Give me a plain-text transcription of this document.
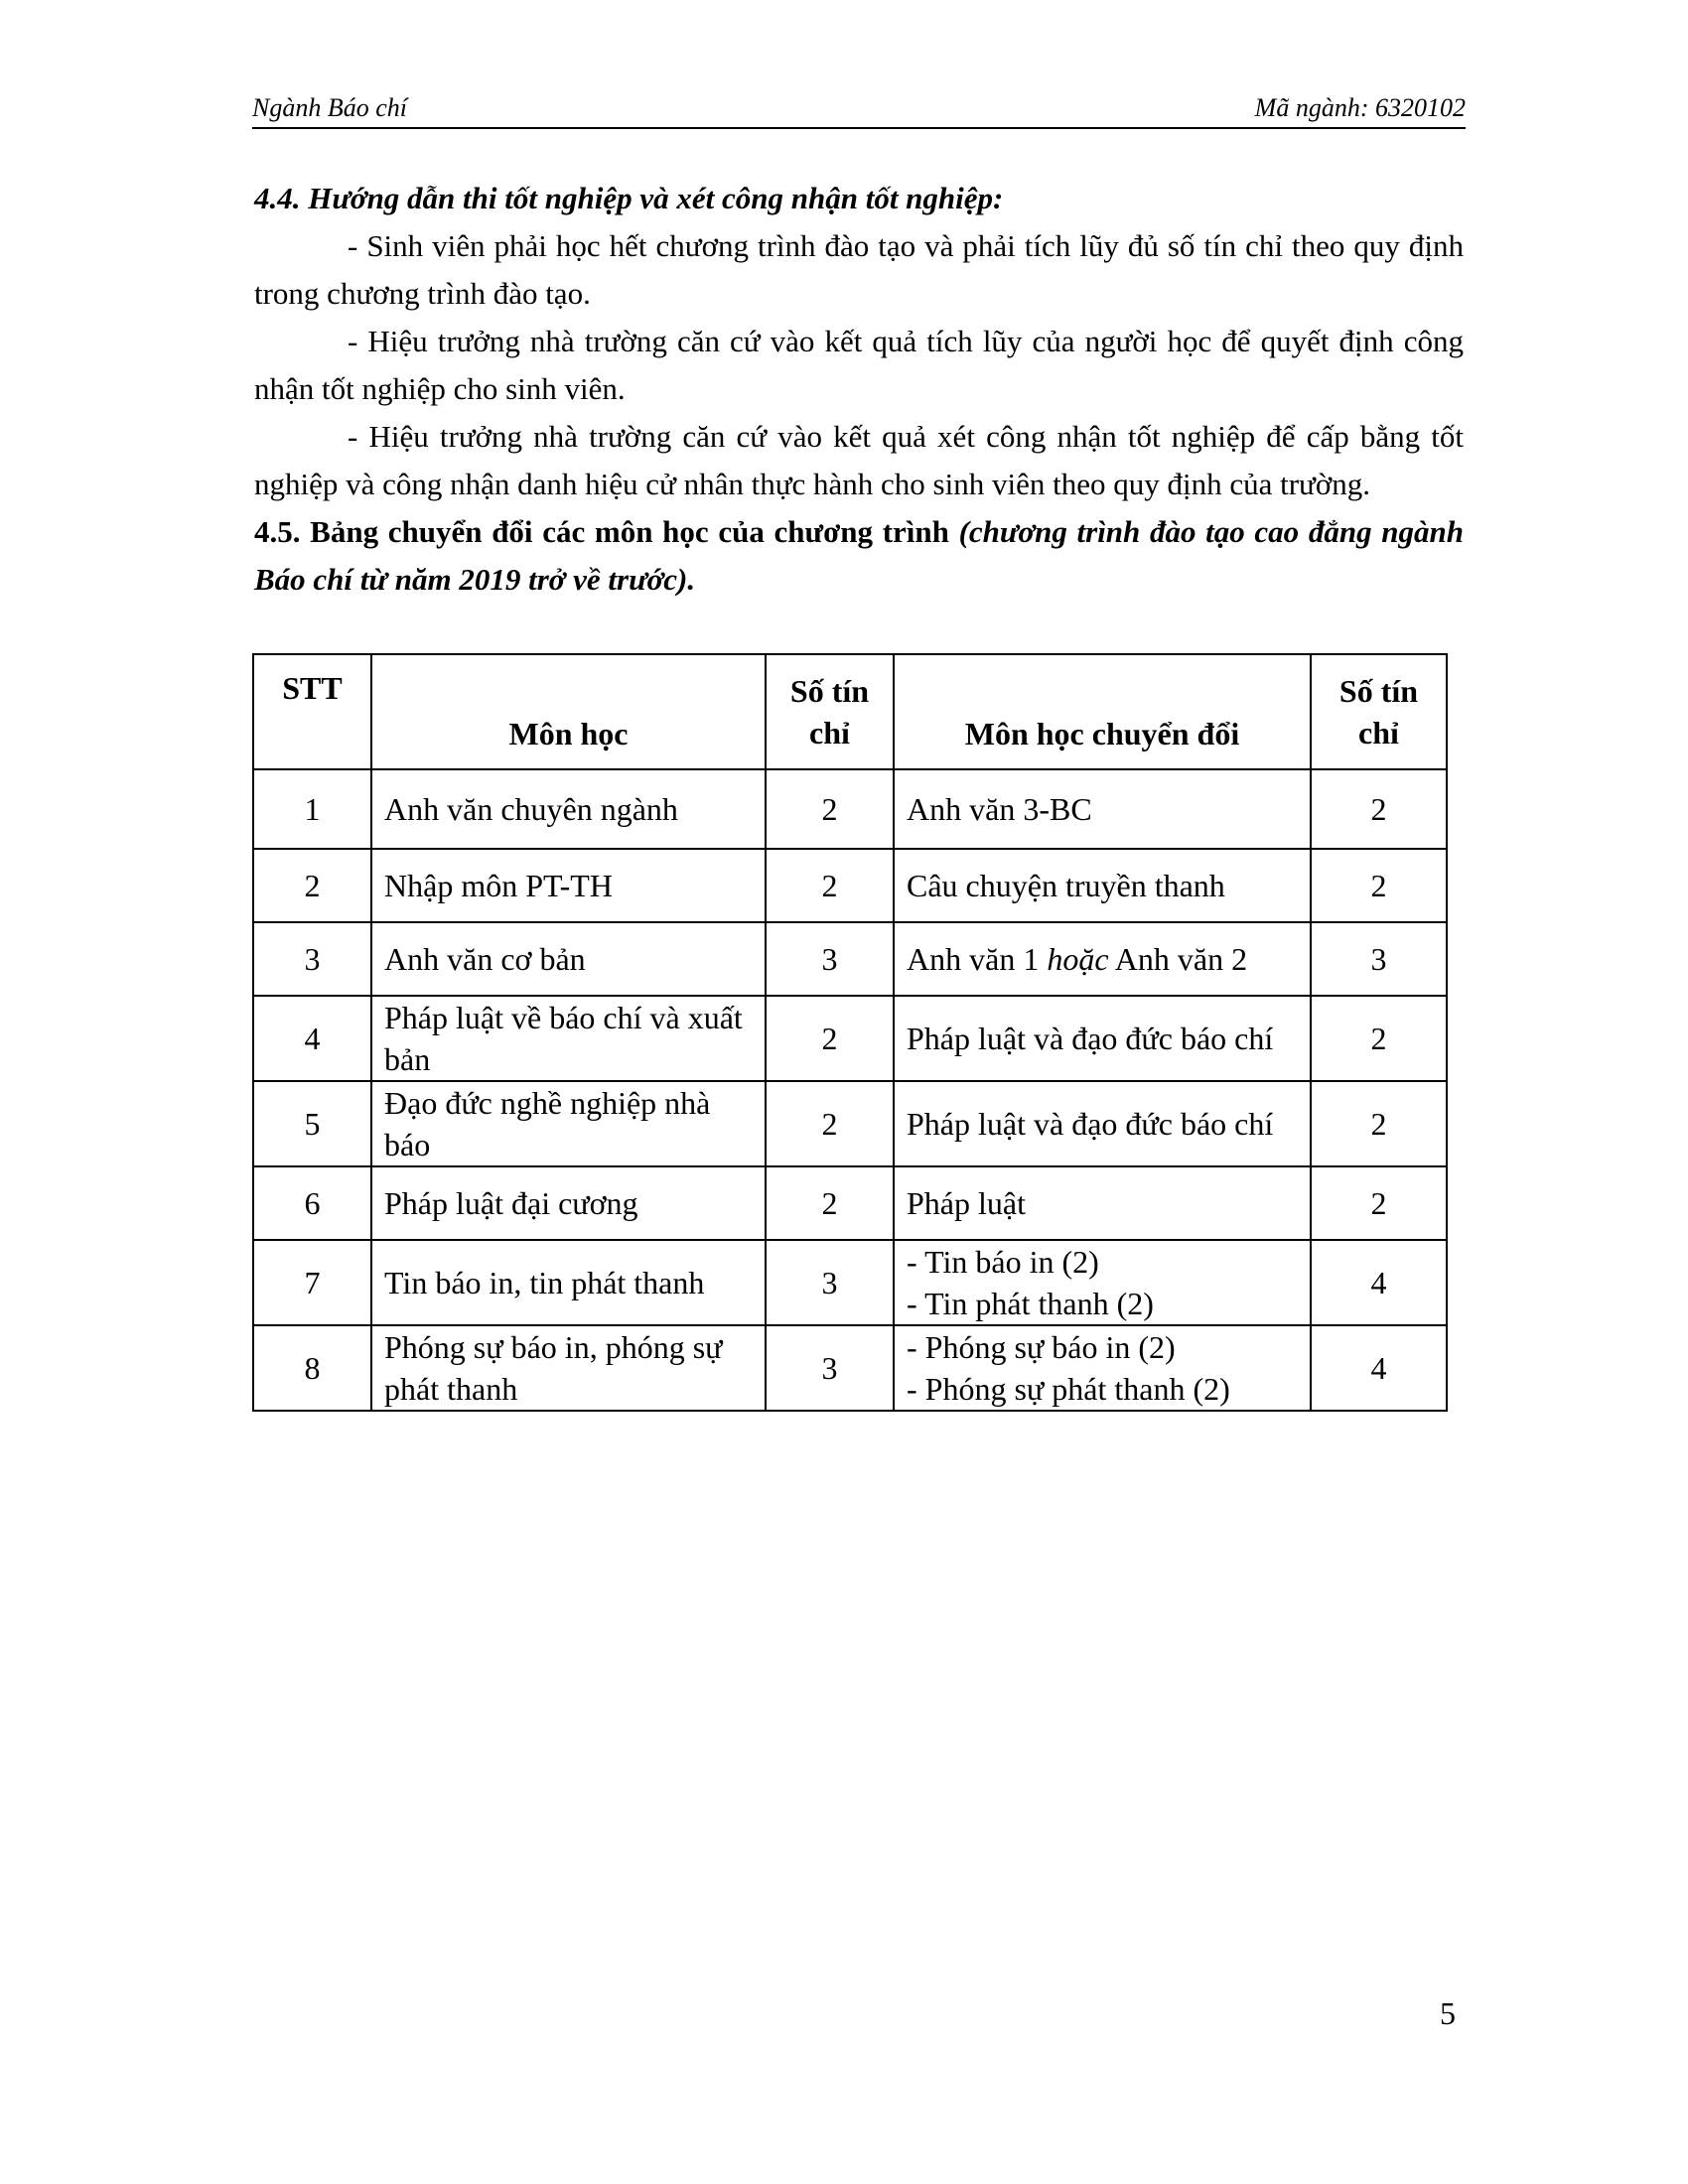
Ngành Báo chí	Mã ngành: 6320102
4.4. Hướng dẫn thi tốt nghiệp và xét công nhận tốt nghiệp:

- Sinh viên phải học hết chương trình đào tạo và phải tích lũy đủ số tín chỉ theo quy định trong chương trình đào tạo.

- Hiệu trưởng nhà trường căn cứ vào kết quả tích lũy của người học để quyết định công nhận tốt nghiệp cho sinh viên.

- Hiệu trưởng nhà trường căn cứ vào kết quả xét công nhận tốt nghiệp để cấp bằng tốt nghiệp và công nhận danh hiệu cử nhân thực hành cho sinh viên theo quy định của trường.

4.5. Bảng chuyển đổi các môn học của chương trình (chương trình đào tạo cao đẳng ngành Báo chí từ năm 2019 trở về trước).
STT	Môn học	Số tín chỉ	Môn học chuyển đổi	Số tín chỉ
1	Anh văn chuyên ngành	2	Anh văn 3-BC	2
2	Nhập môn PT-TH	2	Câu chuyện truyền thanh	2
3	Anh văn cơ bản	3	Anh văn 1 hoặc Anh văn 2	3
4	Pháp luật về báo chí và xuất bản	2	Pháp luật và đạo đức báo chí	2
5	Đạo đức nghề nghiệp nhà báo	2	Pháp luật và đạo đức báo chí	2
6	Pháp luật đại cương	2	Pháp luật	2
7	Tin báo in, tin phát thanh	3	- Tin báo in (2)
- Tin phát thanh (2)	4
8	Phóng sự báo in, phóng sự phát thanh	3	- Phóng sự báo in (2)
- Phóng sự phát thanh (2)	4
5
